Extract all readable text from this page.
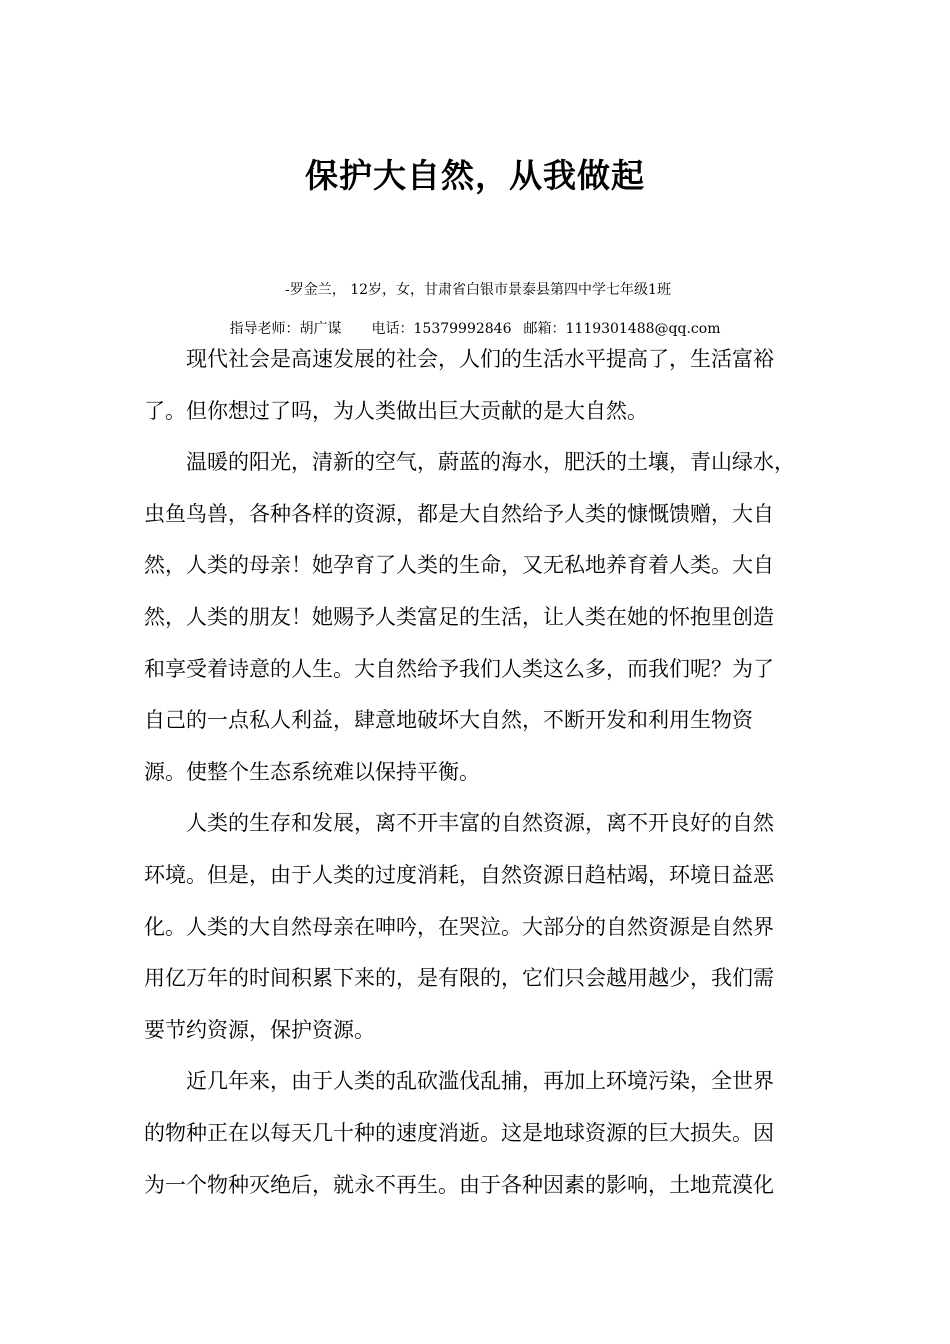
保护大自然，从我做起
-罗金兰， 12岁，女，甘肃省白银市景泰县第四中学七年级1班
指导老师：胡广谋 电话：15379992846 邮箱：1119301488@qq.com

现代社会是高速发展的社会，人们的生活水平提高了，生活富裕
了。但你想过了吗，为人类做出巨大贡献的是大自然。

温暖的阳光，清新的空气，蔚蓝的海水，肥沃的土壤，青山绿水，
虫鱼鸟兽，各种各样的资源，都是大自然给予人类的慷慨馈赠，大自
然，人类的母亲！她孕育了人类的生命，又无私地养育着人类。大自
然，人类的朋友！她赐予人类富足的生活，让人类在她的怀抱里创造
和享受着诗意的人生。大自然给予我们人类这么多，而我们呢？为了
自己的一点私人利益，肆意地破坏大自然，不断开发和利用生物资
源。使整个生态系统难以保持平衡。

人类的生存和发展，离不开丰富的自然资源，离不开良好的自然
环境。但是，由于人类的过度消耗，自然资源日趋枯竭，环境日益恶
化。人类的大自然母亲在呻吟，在哭泣。大部分的自然资源是自然界
用亿万年的时间积累下来的，是有限的，它们只会越用越少，我们需
要节约资源，保护资源。

近几年来，由于人类的乱砍滥伐乱捕，再加上环境污染，全世界
的物种正在以每天几十种的速度消逝。这是地球资源的巨大损失。因
为一个物种灭绝后，就永不再生。由于各种因素的影响，土地荒漠化
